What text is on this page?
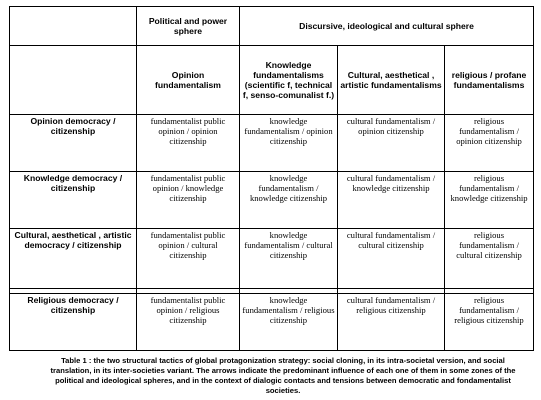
	Political and power sphere	Discursive, ideological and cultural sphere		
	Opinion fundamentalism	Knowledge fundamentalisms (scientific f, technical f, senso-comunalist f.)	Cultural, aesthetical , artistic fundamentalisms	religious / profane fundamentalisms
Opinion democracy / citizenship	fundamentalist public opinion / opinion citizenship	knowledge fundamentalism / opinion citizenship	cultural fundamentalism / opinion citizenship	religious fundamentalism / opinion citizenship
Knowledge democracy / citizenship	fundamentalist public opinion / knowledge citizenship	knowledge fundamentalism / knowledge citizenship	cultural fundamentalism / knowledge citizenship	religious fundamentalism / knowledge citizenship
Cultural, aesthetical , artistic democracy / citizenship	fundamentalist public opinion / cultural citizenship	knowledge fundamentalism / cultural citizenship	cultural fundamentalism / cultural citizenship	religious fundamentalism / cultural citizenship

Religious democracy / citizenship	fundamentalist public opinion / religious citizenship	knowledge fundamentalism / religious citizenship	cultural fundamentalism / religious citizenship	religious fundamentalism / religious citizenship
Table 1 : the two structural tactics of global protagonization strategy: social cloning, in its intra-societal version, and social translation, in its inter-societies variant. The arrows indicate the predominant influence of each one of them in some zones of the political and ideological spheres, and in the context of dialogic contacts and tensions between democratic and fondamentalist societies.
